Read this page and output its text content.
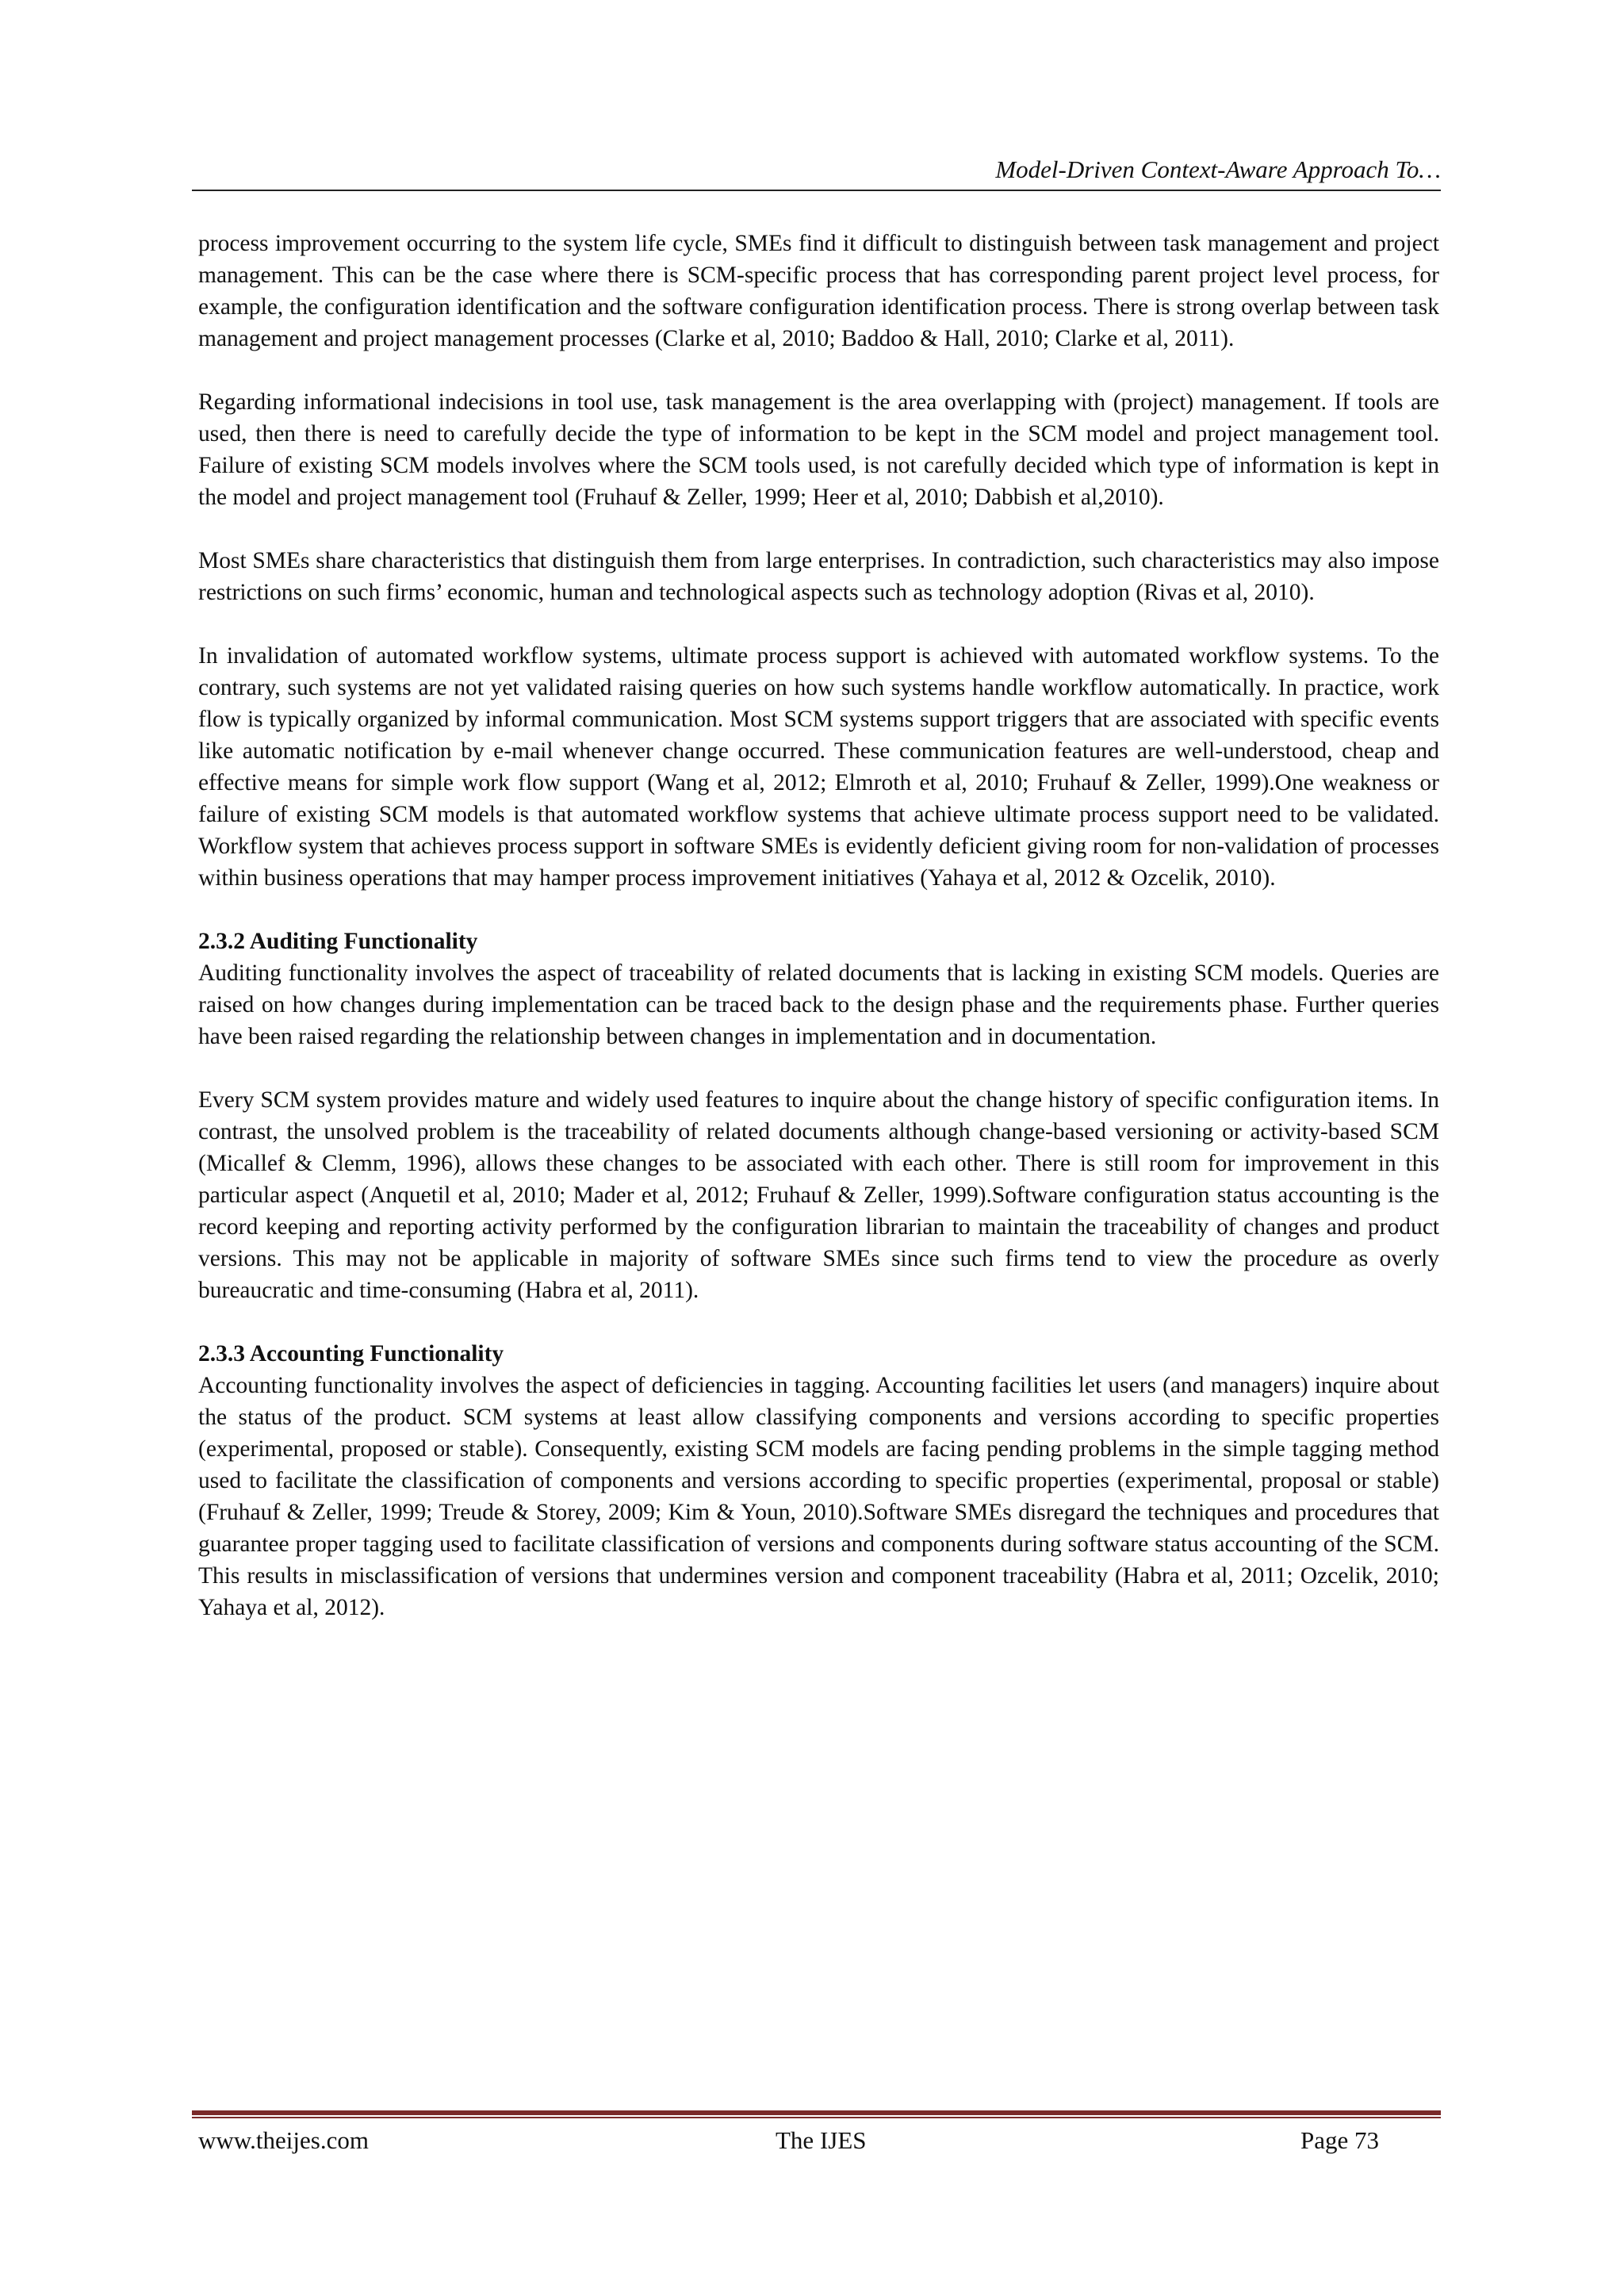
Model-Driven Context-Aware Approach To…

process improvement occurring to the system life cycle, SMEs find it difficult to distinguish between task management and project management. This can be the case where there is SCM-specific process that has corresponding parent project level process, for example, the configuration identification and the software configuration identification process. There is strong overlap between task management and project management processes (Clarke et al, 2010; Baddoo & Hall, 2010; Clarke et al, 2011).

Regarding informational indecisions in tool use, task management is the area overlapping with (project) management. If tools are used, then there is need to carefully decide the type of information to be kept in the SCM model and project management tool. Failure of existing SCM models involves where the SCM tools used, is not carefully decided which type of information is kept in the model and project management tool (Fruhauf & Zeller, 1999; Heer et al, 2010; Dabbish et al,2010).

Most SMEs share characteristics that distinguish them from large enterprises. In contradiction, such characteristics may also impose restrictions on such firms’ economic, human and technological aspects such as technology adoption (Rivas et al, 2010).

In invalidation of automated workflow systems, ultimate process support is achieved with automated workflow systems. To the contrary, such systems are not yet validated raising queries on how such systems handle workflow automatically. In practice, work flow is typically organized by informal communication. Most SCM systems support triggers that are associated with specific events like automatic notification by e-mail whenever change occurred. These communication features are well-understood, cheap and effective means for simple work flow support (Wang et al, 2012; Elmroth et al, 2010; Fruhauf & Zeller, 1999).One weakness or failure of existing SCM models is that automated workflow systems that achieve ultimate process support need to be validated. Workflow system that achieves process support in software SMEs is evidently deficient giving room for non-validation of processes within business operations that may hamper process improvement initiatives (Yahaya et al, 2012 & Ozcelik, 2010).

2.3.2 Auditing Functionality

Auditing functionality involves the aspect of traceability of related documents that is lacking in existing SCM models. Queries are raised on how changes during implementation can be traced back to the design phase and the requirements phase. Further queries have been raised regarding the relationship between changes in implementation and in documentation.

Every SCM system provides mature and widely used features to inquire about the change history of specific configuration items. In contrast, the unsolved problem is the traceability of related documents although change-based versioning or activity-based SCM (Micallef & Clemm, 1996), allows these changes to be associated with each other. There is still room for improvement in this particular aspect (Anquetil et al, 2010; Mader et al, 2012; Fruhauf & Zeller, 1999).Software configuration status accounting is the record keeping and reporting activity performed by the configuration librarian to maintain the traceability of changes and product versions. This may not be applicable in majority of software SMEs since such firms tend to view the procedure as overly bureaucratic and time-consuming (Habra et al, 2011).

2.3.3 Accounting Functionality

Accounting functionality involves the aspect of deficiencies in tagging. Accounting facilities let users (and managers) inquire about the status of the product. SCM systems at least allow classifying components and versions according to specific properties (experimental, proposed or stable). Consequently, existing SCM models are facing pending problems in the simple tagging method used to facilitate the classification of components and versions according to specific properties (experimental, proposal or stable) (Fruhauf & Zeller, 1999; Treude & Storey, 2009; Kim & Youn, 2010).Software SMEs disregard the techniques and procedures that guarantee proper tagging used to facilitate classification of versions and components during software status accounting of the SCM. This results in misclassification of versions that undermines version and component traceability (Habra et al, 2011; Ozcelik, 2010; Yahaya et al, 2012).

www.theijes.com	The IJES	Page 73
